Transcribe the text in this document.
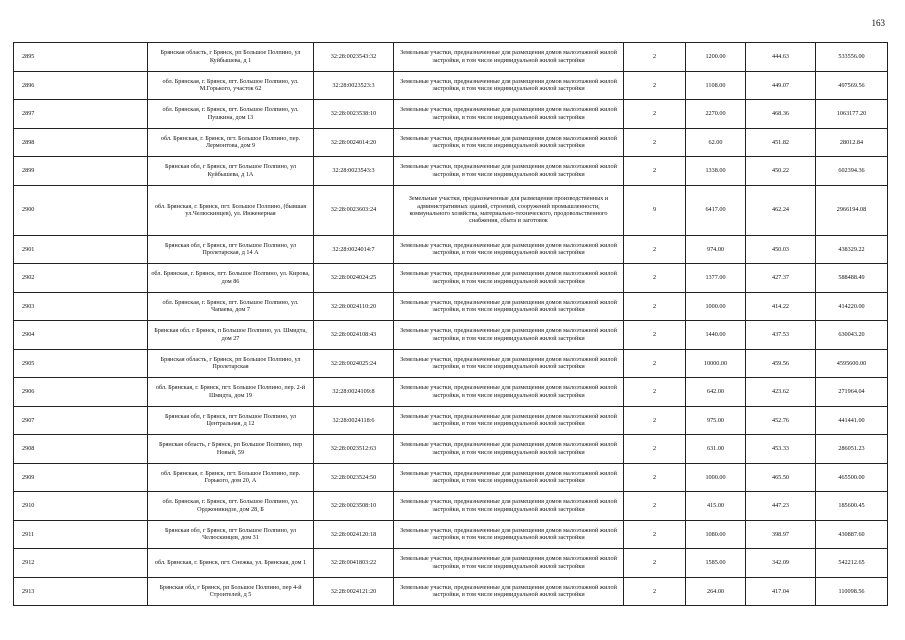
163
2895	Брянская область, г Брянск, рп Большое Полпино, ул Куйбышева, д 1	32:28:0023543:32	Земельные участки, предназначенные для размещения домов малоэтажной жилой застройки, в том числе индивидуальной жилой застройки	2	1200.00	444.63	533556.00
2896	обл. Брянская, г. Брянск, пгт. Большое Полпино, ул. М.Горького, участок 62	32:28:0023523:3	Земельные участки, предназначенные для размещения домов малоэтажной жилой застройки, в том числе индивидуальной жилой застройки	2	1108.00	449.07	497569.56
2897	обл. Брянская, г. Брянск, пгт. Большое Полпино, ул. Пушкина, дом 13	32:28:0023538:10	Земельные участки, предназначенные для размещения домов малоэтажной жилой застройки, в том числе индивидуальной жилой застройки	2	2270.00	468.36	1063177.20
2898	обл. Брянская, г. Брянск, пгт. Большое Полпино, пер. Лермонтова, дом 9	32:28:0024014:20	Земельные участки, предназначенные для размещения домов малоэтажной жилой застройки, в том числе индивидуальной жилой застройки	2	62.00	451.82	28012.84
2899	Брянская обл, г Брянск, пгт Большое Полпино, ул Куйбышева, д 1А	32:28:0023543:3	Земельные участки, предназначенные для размещения домов малоэтажной жилой застройки, в том числе индивидуальной жилой застройки	2	1338.00	450.22	602394.36
2900	обл. Брянская, г. Брянск, пгт. Большое Полпино, (бывшая ул.Челюскинцев), ул. Инженерная	32:28:0023603:24	Земельные участки, предназначенные для размещения производственных и административных зданий, строений, сооружений промышленности, коммунального хозяйства, материально-технического, продовольственного снабжения, сбыта и заготовок	9	6417.00	462.24	2966194.08
2901	Брянская обл, г Брянск, пгт Большое Полпино, ул Пролетарская, д 14 А	32:28:0024014:7	Земельные участки, предназначенные для размещения домов малоэтажной жилой застройки, в том числе индивидуальной жилой застройки	2	974.00	450.03	438329.22
2902	обл. Брянская, г. Брянск, пгт. Большое Полпино, ул. Кирова, дом 86	32:28:0024024:25	Земельные участки, предназначенные для размещения домов малоэтажной жилой застройки, в том числе индивидуальной жилой застройки	2	1377.00	427.37	588488.49
2903	обл. Брянская, г. Брянск, пгт. Большое Полпино, ул. Чапаева, дом 7	32:28:0024110:20	Земельные участки, предназначенные для размещения домов малоэтажной жилой застройки, в том числе индивидуальной жилой застройки	2	1000.00	414.22	414220.00
2904	Брянская обл. г Брянск, п Большое Полпино, ул. Шмидта, дом 27	32:28:0024108:43	Земельные участки, предназначенные для размещения домов малоэтажной жилой застройки, в том числе индивидуальной жилой застройки	2	1440.00	437.53	630043.20
2905	Брянская область, г Брянск, рп Большое Полпино, ул Пролетарская	32:28:0024025:24	Земельные участки, предназначенные для размещения домов малоэтажной жилой застройки, в том числе индивидуальной жилой застройки	2	10000.00	459.56	4595600.00
2906	обл. Брянская, г. Брянск, пгт. Большое Полпино, пер. 2-й Шмидта, дом 19	32:28:0024109:8	Земельные участки, предназначенные для размещения домов малоэтажной жилой застройки, в том числе индивидуальной жилой застройки	2	642.00	423.62	271964.04
2907	Брянская обл, г Брянск, пгт Большое Полпино, ул Центральная, д 12	32:28:0024118:6	Земельные участки, предназначенные для размещения домов малоэтажной жилой застройки, в том числе индивидуальной жилой застройки	2	975.00	452.76	441441.00
2908	Брянская область, г Брянск, рп Большое Полпино, пер Новый, 59	32:28:0023512:63	Земельные участки, предназначенные для размещения домов малоэтажной жилой застройки, в том числе индивидуальной жилой застройки	2	631.00	453.33	286051.23
2909	обл. Брянская, г. Брянск, пгт. Большое Полпино, пер. Горького, дом 20, А	32:28:0023524:50	Земельные участки, предназначенные для размещения домов малоэтажной жилой застройки, в том числе индивидуальной жилой застройки	2	1000.00	465.50	465500.00
2910	обл. Брянская, г. Брянск, пгт. Большое Полпино, ул. Орджоникидзе, дом 28, Б	32:28:0023508:10	Земельные участки, предназначенные для размещения домов малоэтажной жилой застройки, в том числе индивидуальной жилой застройки	2	415.00	447.23	185600.45
2911	Брянская обл, г Брянск, пгт Большое Полпино, ул Челюскинцев, дом 31	32:28:0024120:18	Земельные участки, предназначенные для размещения домов малоэтажной жилой застройки, в том числе индивидуальной жилой застройки	2	1080.00	398.97	430887.60
2912	обл. Брянская, г. Брянск, пгт. Снежка, ул. Брянская, дом 1	32:28:0041803:22	Земельные участки, предназначенные для размещения домов малоэтажной жилой застройки, в том числе индивидуальной жилой застройки	2	1585.00	342.09	542212.65
2913	Брянская обл, г Брянск, рп Большое Полпино, пер 4-й Строителей, д 5	32:28:0024121:20	Земельные участки, предназначенные для размещения домов малоэтажной жилой застройки, в том числе индивидуальной жилой застройки	2	264.00	417.04	110098.56
